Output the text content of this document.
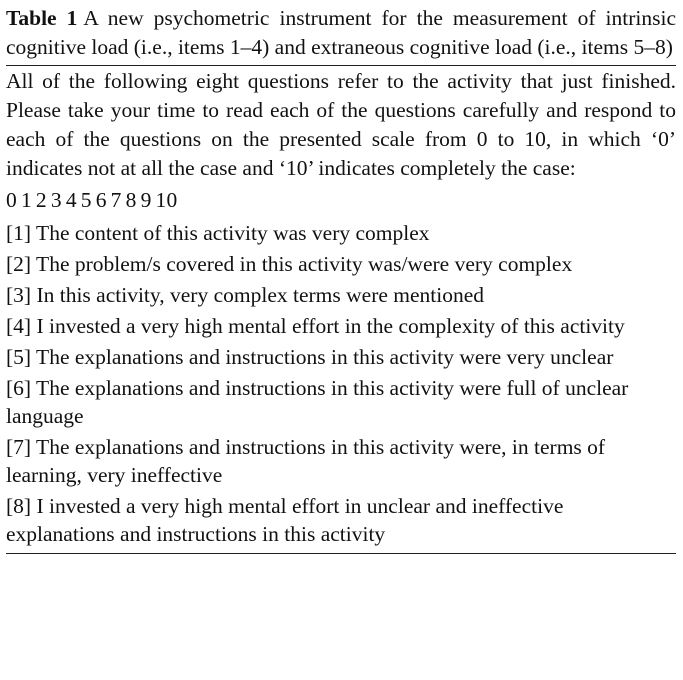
Table 1 A new psychometric instrument for the measurement of intrinsic cognitive load (i.e., items 1–4) and extraneous cognitive load (i.e., items 5–8)

All of the following eight questions refer to the activity that just finished. Please take your time to read each of the questions carefully and respond to each of the questions on the presented scale from 0 to 10, in which ‘0’ indicates not at all the case and ‘10’ indicates completely the case:

0 1 2 3 4 5 6 7 8 9 10

[1] The content of this activity was very complex

[2] The problem/s covered in this activity was/were very complex

[3] In this activity, very complex terms were mentioned

[4] I invested a very high mental effort in the complexity of this activity

[5] The explanations and instructions in this activity were very unclear

[6] The explanations and instructions in this activity were full of unclear language

[7] The explanations and instructions in this activity were, in terms of learning, very ineffective

[8] I invested a very high mental effort in unclear and ineffective explanations and instructions in this activity
